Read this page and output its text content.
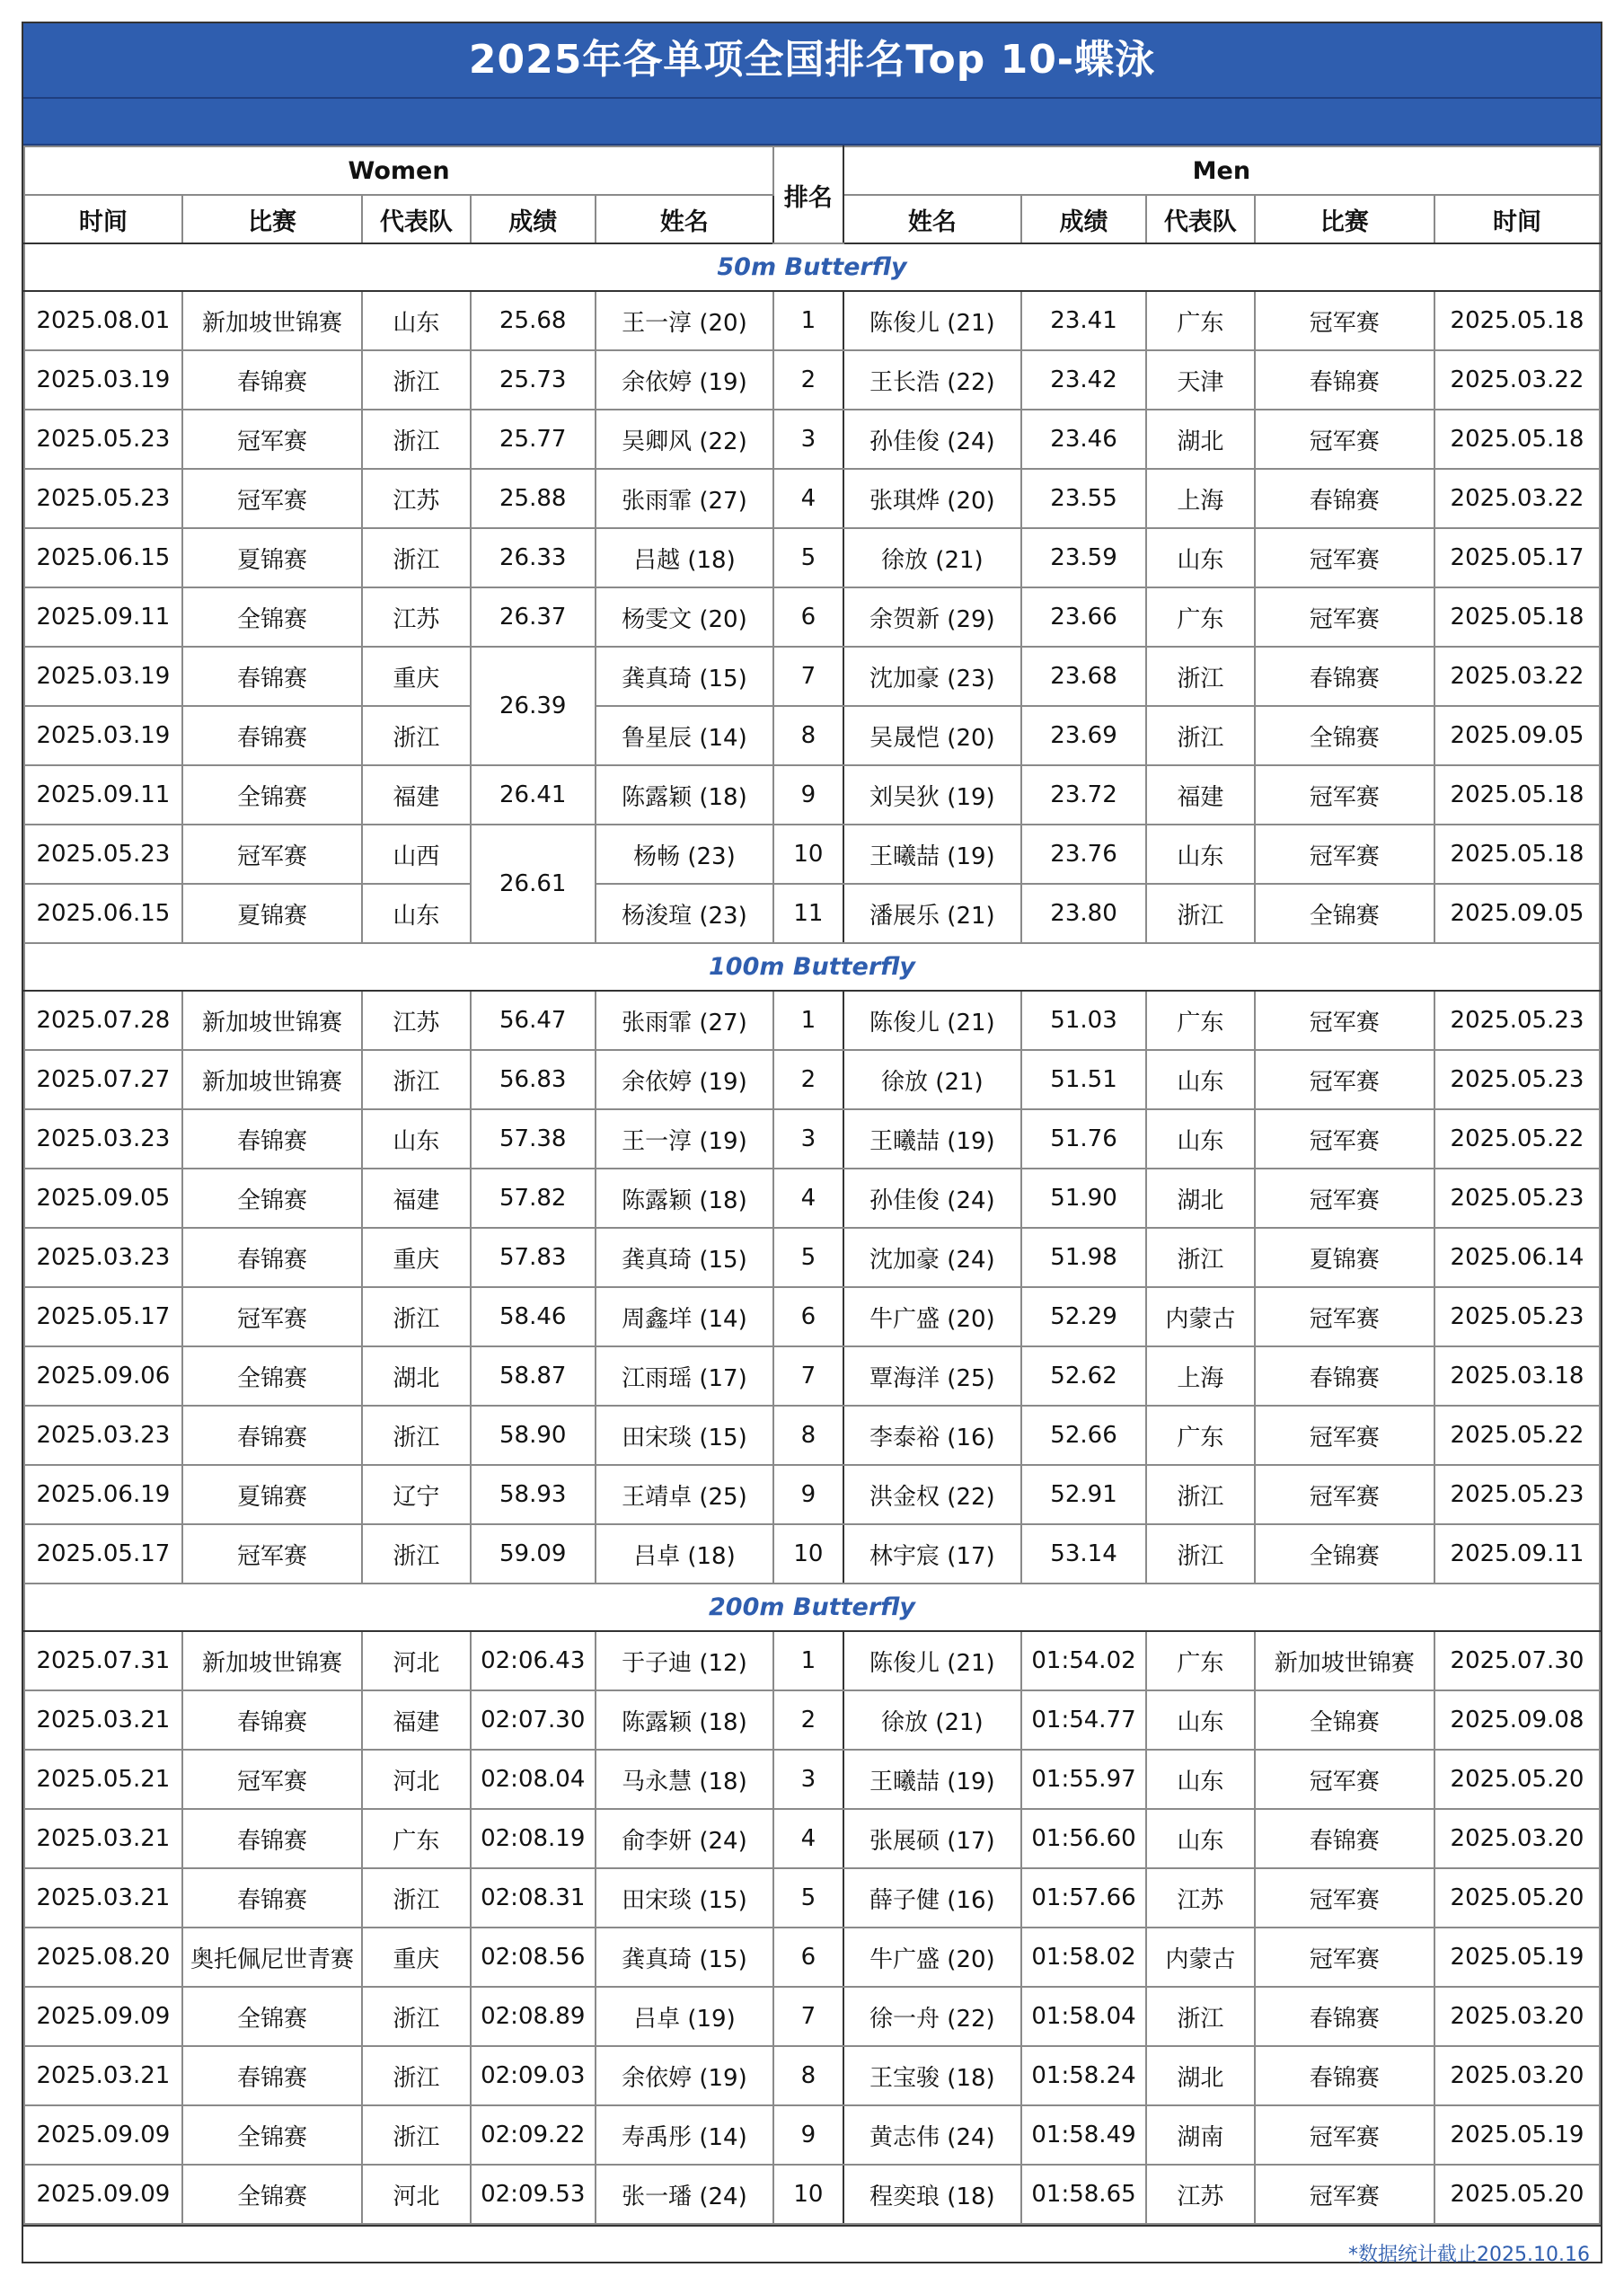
2025年各单项全国排名Top 10-蝶泳
Women					排名	Men				
时间	比赛	代表队	成绩	姓名		姓名	成绩	代表队	比赛	时间
50m Butterfly										
2025.08.01	新加坡世锦赛	山东	25.68	王一淳 (20)	1	陈俊儿 (21)	23.41	广东	冠军赛	2025.05.18
2025.03.19	春锦赛	浙江	25.73	余依婷 (19)	2	王长浩 (22)	23.42	天津	春锦赛	2025.03.22
2025.05.23	冠军赛	浙江	25.77	吴卿风 (22)	3	孙佳俊 (24)	23.46	湖北	冠军赛	2025.05.18
2025.05.23	冠军赛	江苏	25.88	张雨霏 (27)	4	张琪烨 (20)	23.55	上海	春锦赛	2025.03.22
2025.06.15	夏锦赛	浙江	26.33	吕越 (18)	5	徐放 (21)	23.59	山东	冠军赛	2025.05.17
2025.09.11	全锦赛	江苏	26.37	杨雯文 (20)	6	余贺新 (29)	23.66	广东	冠军赛	2025.05.18
2025.03.19	春锦赛	重庆	26.39	龚真琦 (15)	7	沈加豪 (23)	23.68	浙江	春锦赛	2025.03.22
2025.03.19	春锦赛	浙江		鲁星辰 (14)	8	吴晟恺 (20)	23.69	浙江	全锦赛	2025.09.05
2025.09.11	全锦赛	福建	26.41	陈露颖 (18)	9	刘吴狄 (19)	23.72	福建	冠军赛	2025.05.18
2025.05.23	冠军赛	山西	26.61	杨畅 (23)	10	王曦喆 (19)	23.76	山东	冠军赛	2025.05.18
2025.06.15	夏锦赛	山东		杨浚瑄 (23)	11	潘展乐 (21)	23.80	浙江	全锦赛	2025.09.05
100m Butterfly										
2025.07.28	新加坡世锦赛	江苏	56.47	张雨霏 (27)	1	陈俊儿 (21)	51.03	广东	冠军赛	2025.05.23
2025.07.27	新加坡世锦赛	浙江	56.83	余依婷 (19)	2	徐放 (21)	51.51	山东	冠军赛	2025.05.23
2025.03.23	春锦赛	山东	57.38	王一淳 (19)	3	王曦喆 (19)	51.76	山东	冠军赛	2025.05.22
2025.09.05	全锦赛	福建	57.82	陈露颖 (18)	4	孙佳俊 (24)	51.90	湖北	冠军赛	2025.05.23
2025.03.23	春锦赛	重庆	57.83	龚真琦 (15)	5	沈加豪 (24)	51.98	浙江	夏锦赛	2025.06.14
2025.05.17	冠军赛	浙江	58.46	周鑫垟 (14)	6	牛广盛 (20)	52.29	内蒙古	冠军赛	2025.05.23
2025.09.06	全锦赛	湖北	58.87	江雨瑶 (17)	7	覃海洋 (25)	52.62	上海	春锦赛	2025.03.18
2025.03.23	春锦赛	浙江	58.90	田宋琰 (15)	8	李泰裕 (16)	52.66	广东	冠军赛	2025.05.22
2025.06.19	夏锦赛	辽宁	58.93	王靖卓 (25)	9	洪金权 (22)	52.91	浙江	冠军赛	2025.05.23
2025.05.17	冠军赛	浙江	59.09	吕卓 (18)	10	林宇宸 (17)	53.14	浙江	全锦赛	2025.09.11
200m Butterfly										
2025.07.31	新加坡世锦赛	河北	02:06.43	于子迪 (12)	1	陈俊儿 (21)	01:54.02	广东	新加坡世锦赛	2025.07.30
2025.03.21	春锦赛	福建	02:07.30	陈露颖 (18)	2	徐放 (21)	01:54.77	山东	全锦赛	2025.09.08
2025.05.21	冠军赛	河北	02:08.04	马永慧 (18)	3	王曦喆 (19)	01:55.97	山东	冠军赛	2025.05.20
2025.03.21	春锦赛	广东	02:08.19	俞李妍 (24)	4	张展硕 (17)	01:56.60	山东	春锦赛	2025.03.20
2025.03.21	春锦赛	浙江	02:08.31	田宋琰 (15)	5	薛子健 (16)	01:57.66	江苏	冠军赛	2025.05.20
2025.08.20	奥托佩尼世青赛	重庆	02:08.56	龚真琦 (15)	6	牛广盛 (20)	01:58.02	内蒙古	冠军赛	2025.05.19
2025.09.09	全锦赛	浙江	02:08.89	吕卓 (19)	7	徐一舟 (22)	01:58.04	浙江	春锦赛	2025.03.20
2025.03.21	春锦赛	浙江	02:09.03	余依婷 (19)	8	王宝骏 (18)	01:58.24	湖北	春锦赛	2025.03.20
2025.09.09	全锦赛	浙江	02:09.22	寿禹彤 (14)	9	黄志伟 (24)	01:58.49	湖南	冠军赛	2025.05.19
2025.09.09	全锦赛	河北	02:09.53	张一璠 (24)	10	程奕琅 (18)	01:58.65	江苏	冠军赛	2025.05.20
*数据统计截止2025.10.16
